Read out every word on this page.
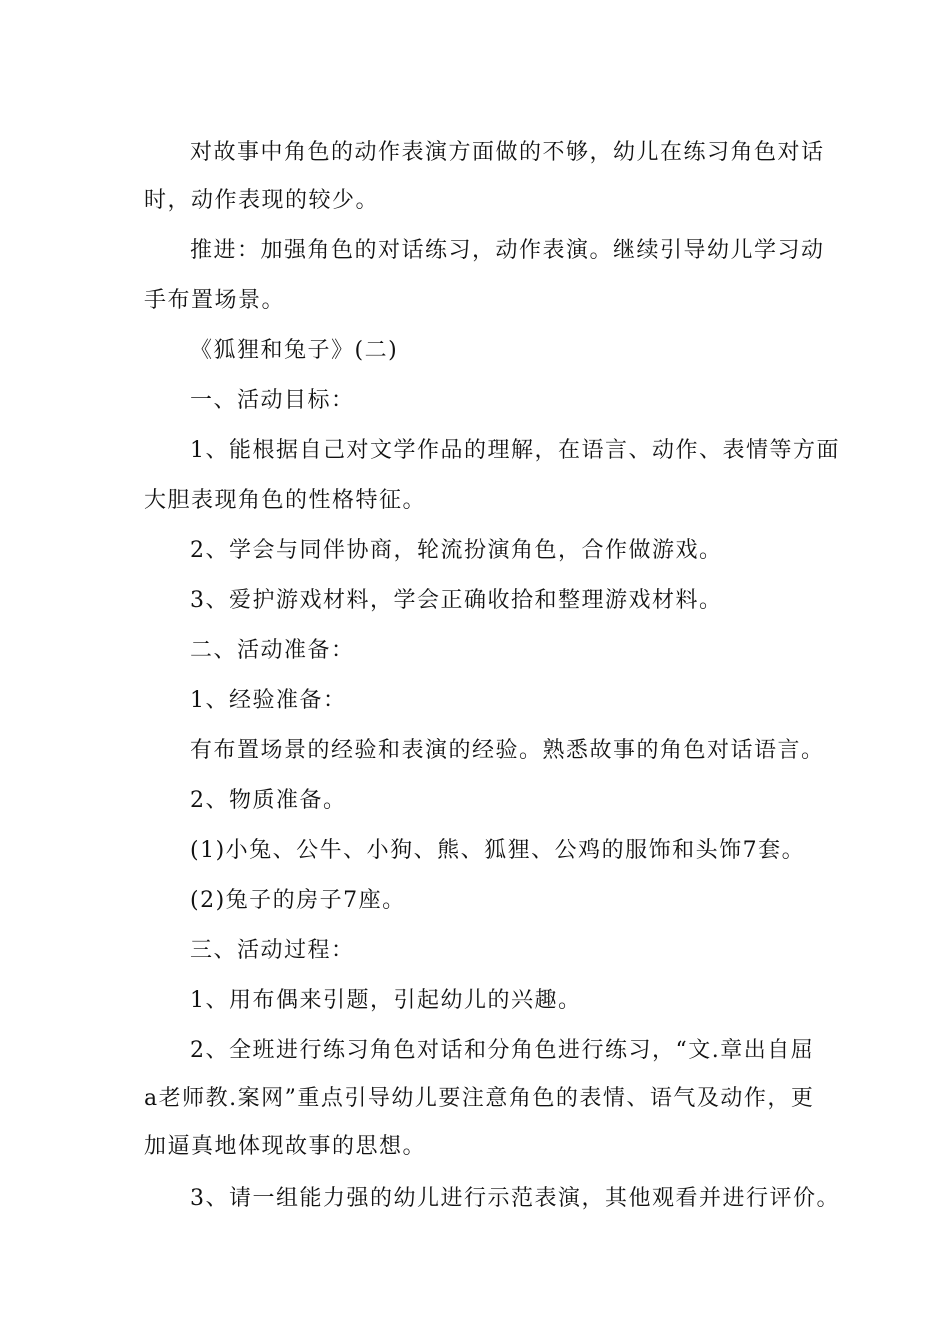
对故事中角色的动作表演方面做的不够，幼儿在练习角色对话
时，动作表现的较少。
推进：加强角色的对话练习，动作表演。继续引导幼儿学习动
手布置场景。
《狐狸和兔子》(二)
一、活动目标：
1、能根据自己对文学作品的理解，在语言、动作、表情等方面
大胆表现角色的性格特征。
2、学会与同伴协商，轮流扮演角色，合作做游戏。
3、爱护游戏材料，学会正确收拾和整理游戏材料。
二、活动准备：
1、经验准备：
有布置场景的经验和表演的经验。熟悉故事的角色对话语言。
2、物质准备。
(1)小兔、公牛、小狗、熊、狐狸、公鸡的服饰和头饰7套。
(2)兔子的房子7座。
三、活动过程：
1、用布偶来引题，引起幼儿的兴趣。
2、全班进行练习角色对话和分角色进行练习，“文.章出自屈
a老师教.案网”重点引导幼儿要注意角色的表情、语气及动作，更
加逼真地体现故事的思想。
3、请一组能力强的幼儿进行示范表演，其他观看并进行评价。
